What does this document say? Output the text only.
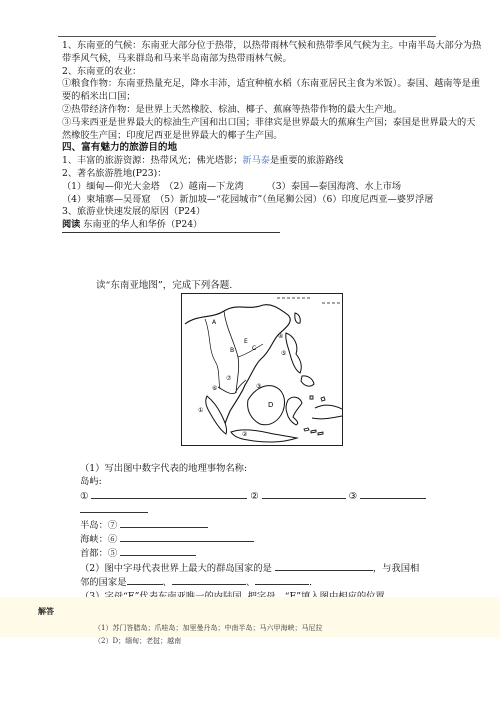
1、东南亚的气候：东南亚大部分位于热带，以热带雨林气候和热带季风气候为主。中南半岛大部分为热带季风气候，马来群岛和马来半岛南部为热带雨林气候。

2、东南亚的农业：

①粮食作物：东南亚热量充足，降水丰沛，适宜种植水稻（东南亚居民主食为米饭）。泰国、越南等是重要的稻米出口国；

②热带经济作物：是世界上天然橡胶、棕油、椰子、蕉麻等热带作物的最大生产地。

③马来西亚是世界最大的棕油生产国和出口国；菲律宾是世界最大的蕉麻生产国；泰国是世界最大的天然橡胶生产国；印度尼西亚是世界最大的椰子生产国。

四、富有魅力的旅游目的地

1、丰富的旅游资源：热带风光；佛光塔影；新马泰是重要的旅游路线

2、著名旅游胜地(P23)：

（1）缅甸—仰光大金塔　（2）越南—下龙湾　　　（3）泰国—泰国海湾、水上市场

（4）柬埔寨—吴哥窟　（5）新加坡—“花园城市”（鱼尾狮公园）（6）印度尼西亚—婆罗浮屠

3、旅游业快速发展的原因（P24）

阅读 东南亚的华人和华侨（P24）

读“东南亚地图”，完成下列各题.
A
B	C
D
E
①
②
③
④
⑤
⑥
⑦

（1）写出图中数字代表的地理事物名称:

岛屿:

①	②	③

半岛：⑦

海峡：⑥

首都：⑤

（2）图中字母代表世界上最大的群岛国家的是	，与我国相

邻的国家是	、	、	．

解答

（1）苏门答腊岛；爪哇岛；加里曼丹岛；中南半岛；马六甲海峡；马尼拉

（2）D；缅甸；老挝；越南
